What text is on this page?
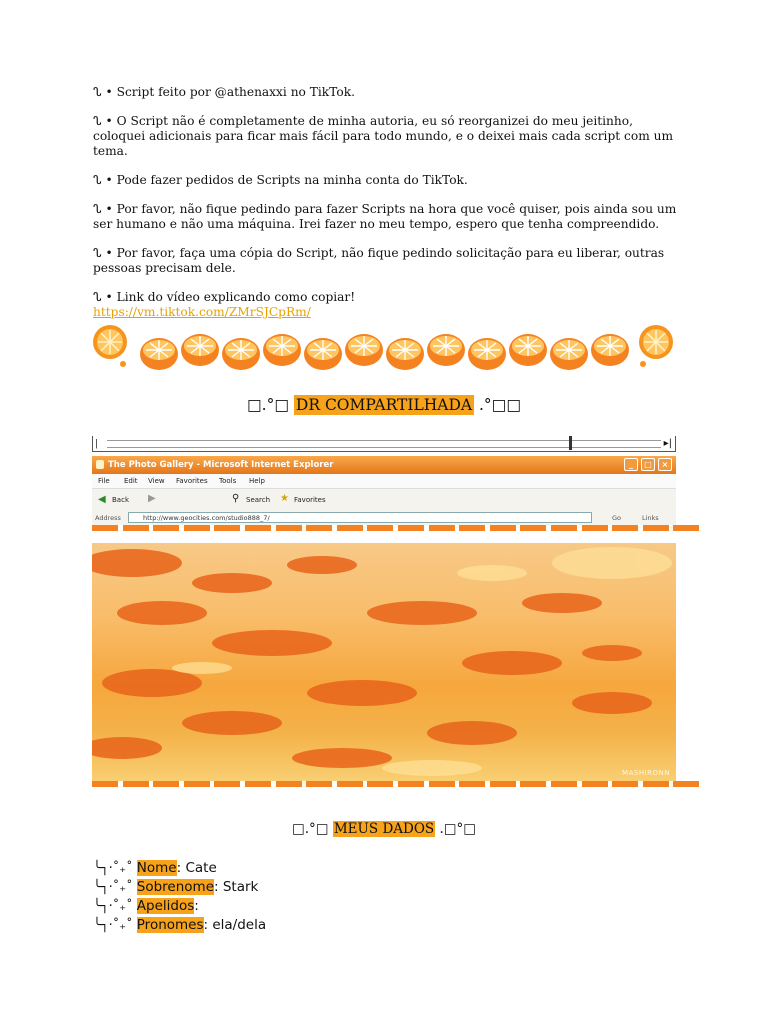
ᔐ • Script feito por @athenaxxi no TikTok.

ᔐ • O Script não é completamente de minha autoria, eu só reorganizei do meu jeitinho, coloquei adicionais para ficar mais fácil para todo mundo, e o deixei mais cada script com um tema.

ᔐ • Pode fazer pedidos de Scripts na minha conta do TikTok.

ᔐ • Por favor, não fique pedindo para fazer Scripts na hora que você quiser, pois ainda sou um ser humano e não uma máquina. Irei fazer no meu tempo, espero que tenha compreendido.

ᔐ • Por favor, faça uma cópia do Script, não fique pedindo solicitação para eu liberar, outras pessoas precisam dele.

ᔐ • Link do vídeo explicando como copiar!

https://vm.tiktok.com/ZMrSJCpRm/
□.°□ DR COMPARTILHADA .°□□
|	▸|
The Photo Gallery - Microsoft Internet Explorer	_	□	×
File Edit View Favorites Tools Help
◀ Back ▶	⚲ Search ★ Favorites
Address	http://www.geocities.com/studio888_7/	Go	Links
MASHIRONN
□.°□ MEUS DADOS .□°□
╰┐·˚₊˚ Nome: Cate
╰┐·˚₊˚ Sobrenome: Stark
╰┐·˚₊˚ Apelidos:
╰┐·˚₊˚ Pronomes: ela/dela
